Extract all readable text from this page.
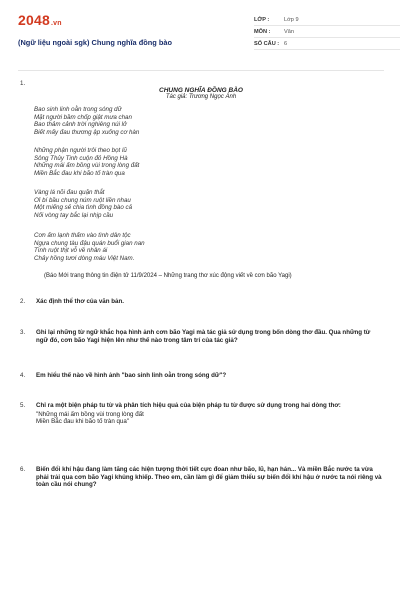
2048.vn
(Ngữ liệu ngoài sgk) Chung nghĩa đồng bào
LỚP :	Lớp 9
MÔN :	Văn
SỐ CÂU : 6
1.
CHUNG NGHĨA ĐỒNG BÀO
Tác giả: Trương Ngọc Ánh
Bao sinh linh oằn trong sóng dữ
Mặt người bầm chốp giật mưa chan
Bao thảm cảnh trời nghiêng núi lở
Biết mấy đau thương ập xuống cơ hàn
Những phận người trôi theo bọt lũ
Sông Thủy Tinh cuộn đỏ Hồng Hà
Những mái ấm bồng vùi trong lòng đất
Miền Bắc đau khi bão tố tràn qua
Vàng lá nõi đau quặn thắt
Ơi bí bầu chung núm ruột liền nhau
Một miếng sẻ chia tình đồng bào cả
Nối vòng tay bắc lại nhịp cầu
Cơn ấm lạnh thấm vào tình dân tộc
Ngựa chung tàu đậu quán buổi gian nan
Tình ruột thịt vỗ về nhân ái
Chảy hồng tươi dòng máu Việt Nam.
(Báo Mới trang thông tin điện tử 11/9/2024 – Những trang thơ xúc động viết về cơn bão Yagi)
2. Xác định thể thơ của văn bản.
3. Ghi lại những từ ngữ khắc họa hình ảnh cơn bão Yagi mà tác giả sử dụng trong bốn dòng thơ đầu. Qua những từ ngữ đó, cơn bão Yagi hiện lên như thế nào trong tâm trí của tác giả?
4. Em hiểu thế nào về hình ảnh "bao sinh linh oằn trong sóng dữ"?
5. Chỉ ra một biện pháp tu từ và phân tích hiệu quả của biện pháp tu từ được sử dụng trong hai dòng thơ:
"Những mái ấm bồng vùi trong lòng đất
Miền Bắc đau khi bão tố tràn qua"
6. Biến đổi khí hậu đang làm tăng các hiện tượng thời tiết cực đoan như bão, lũ, hạn hán... Và miền Bắc nước ta vừa phải trải qua cơn bão Yagi khủng khiếp. Theo em, cần làm gì để giảm thiểu sự biến đổi khí hậu ở nước ta nói riêng và toàn cầu nói chung?
